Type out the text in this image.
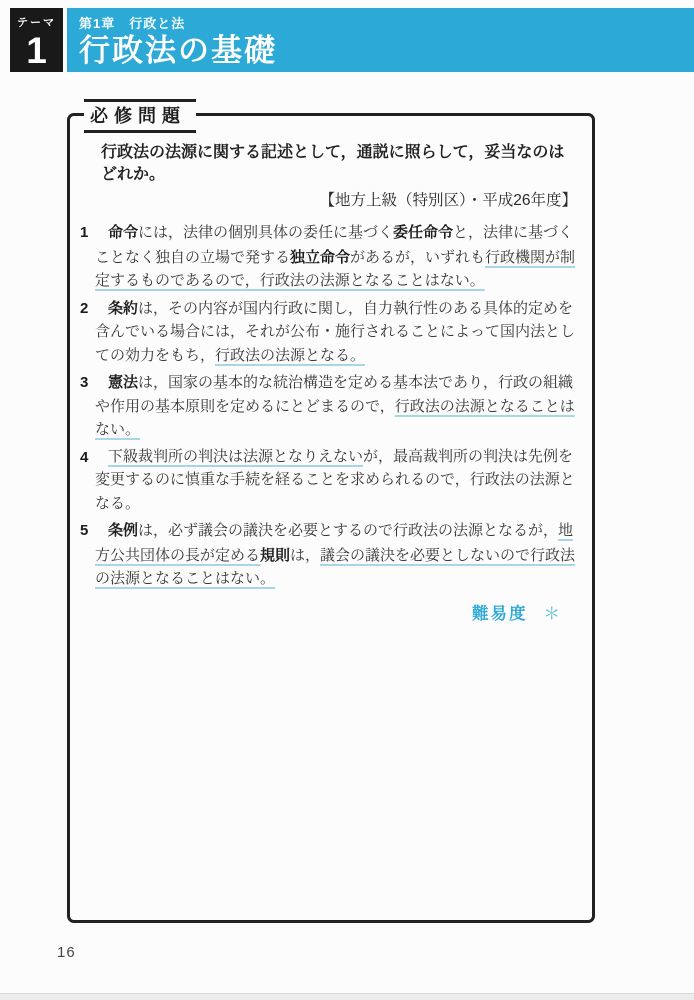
テーマ
1
第1章　行政と法
行政法の基礎
必修問題
行政法の法源に関する記述として，通説に照らして，妥当なのはどれか。
【地方上級（特別区）・平成26年度】
1 命令には，法律の個別具体の委任に基づく委任命令と，法律に基づくことなく独自の立場で発する独立命令があるが，いずれも行政機関が制定するものであるので，行政法の法源となることはない。
2 条約は，その内容が国内行政に関し，自力執行性のある具体的定めを含んでいる場合には，それが公布・施行されることによって国内法としての効力をもち，行政法の法源となる。
3 憲法は，国家の基本的な統治構造を定める基本法であり，行政の組織や作用の基本原則を定めるにとどまるので，行政法の法源となることはない。
4 下級裁判所の判決は法源となりえないが，最高裁判所の判決は先例を変更するのに慎重な手続を経ることを求められるので，行政法の法源となる。
5 条例は，必ず議会の議決を必要とするので行政法の法源となるが，地方公共団体の長が定める規則は，議会の議決を必要としないので行政法の法源となることはない。
難易度 ＊
16
